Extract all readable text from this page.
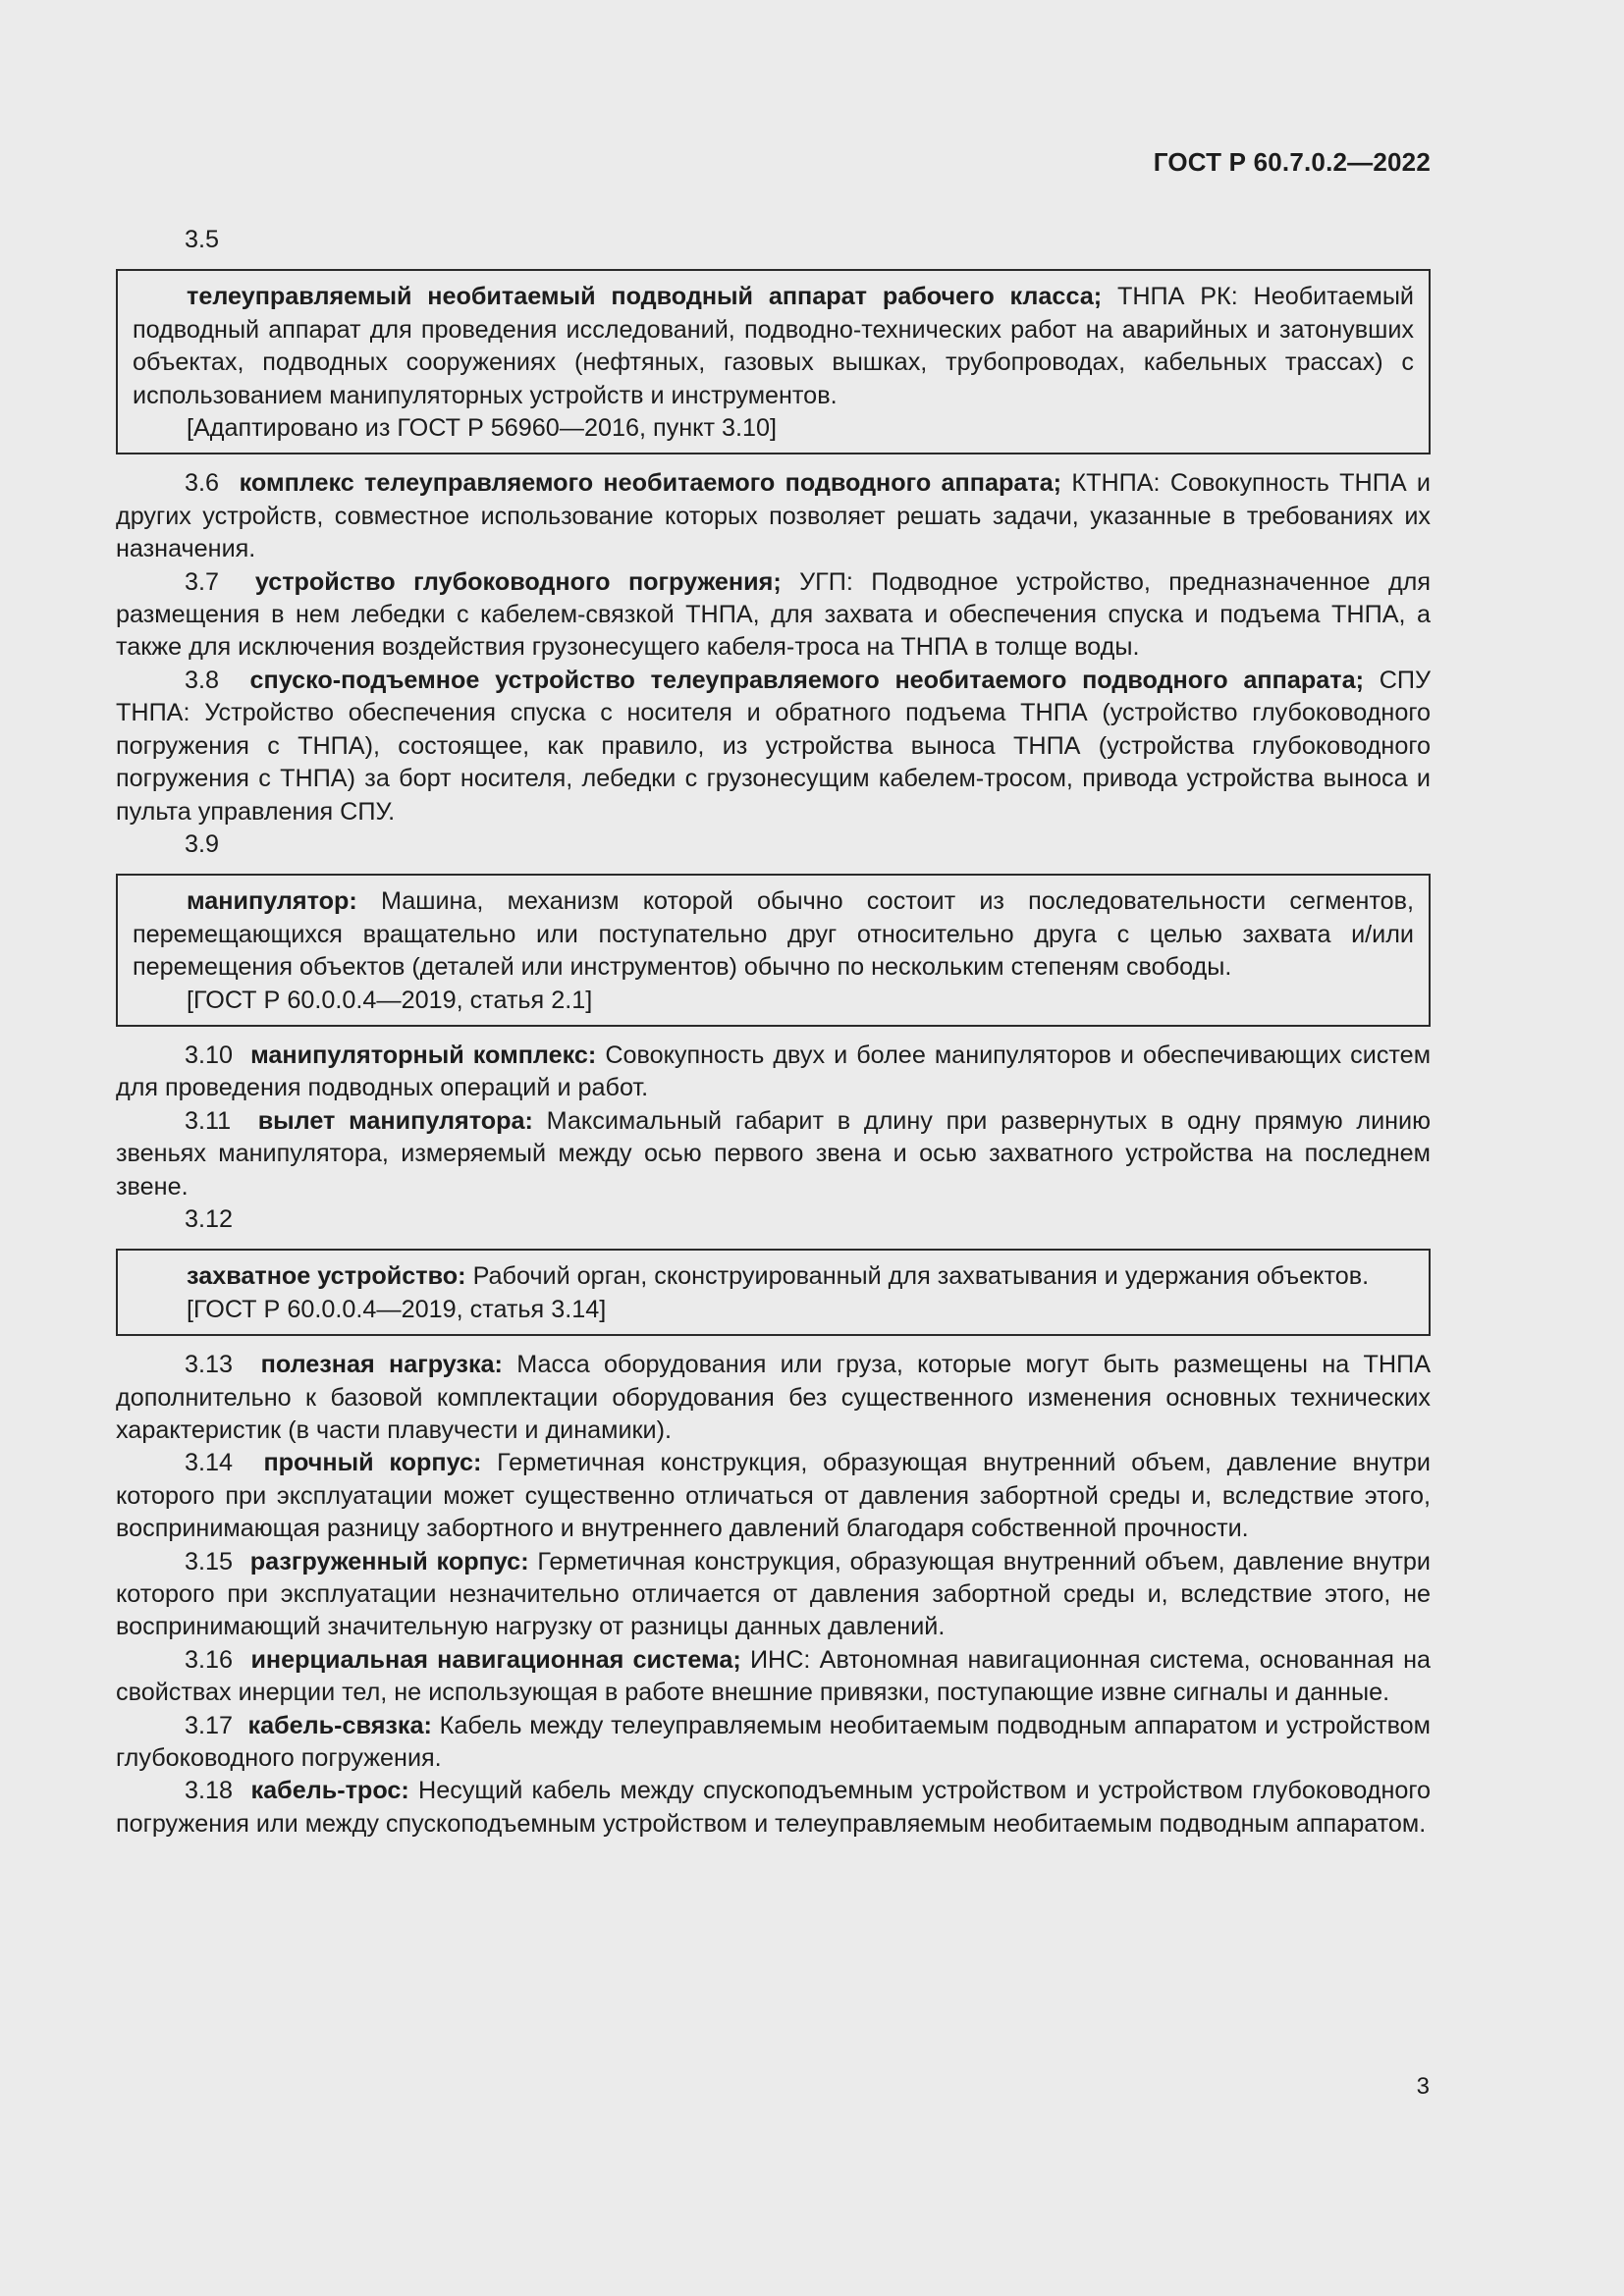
ГОСТ Р 60.7.0.2—2022

3.5

телеуправляемый необитаемый подводный аппарат рабочего класса; ТНПА РК: Необитаемый подводный аппарат для проведения исследований, подводно-технических работ на аварийных и затонувших объектах, подводных сооружениях (нефтяных, газовых вышках, трубопроводах, кабельных трассах) с использованием манипуляторных устройств и инструментов.

[Адаптировано из ГОСТ Р 56960—2016, пункт 3.10]

3.6 комплекс телеуправляемого необитаемого подводного аппарата; КТНПА: Совокупность ТНПА и других устройств, совместное использование которых позволяет решать задачи, указанные в требованиях их назначения.

3.7 устройство глубоководного погружения; УГП: Подводное устройство, предназначенное для размещения в нем лебедки с кабелем-связкой ТНПА, для захвата и обеспечения спуска и подъема ТНПА, а также для исключения воздействия грузонесущего кабеля-троса на ТНПА в толще воды.

3.8 спуско-подъемное устройство телеуправляемого необитаемого подводного аппарата; СПУ ТНПА: Устройство обеспечения спуска с носителя и обратного подъема ТНПА (устройство глубоководного погружения с ТНПА), состоящее, как правило, из устройства выноса ТНПА (устройства глубоководного погружения с ТНПА) за борт носителя, лебедки с грузонесущим кабелем-тросом, привода устройства выноса и пульта управления СПУ.

3.9

манипулятор: Машина, механизм которой обычно состоит из последовательности сегментов, перемещающихся вращательно или поступательно друг относительно друга с целью захвата и/или перемещения объектов (деталей или инструментов) обычно по нескольким степеням свободы.

[ГОСТ Р 60.0.0.4—2019, статья 2.1]

3.10 манипуляторный комплекс: Совокупность двух и более манипуляторов и обеспечивающих систем для проведения подводных операций и работ.

3.11 вылет манипулятора: Максимальный габарит в длину при развернутых в одну прямую линию звеньях манипулятора, измеряемый между осью первого звена и осью захватного устройства на последнем звене.

3.12

захватное устройство: Рабочий орган, сконструированный для захватывания и удержания объектов.

[ГОСТ Р 60.0.0.4—2019, статья 3.14]

3.13 полезная нагрузка: Масса оборудования или груза, которые могут быть размещены на ТНПА дополнительно к базовой комплектации оборудования без существенного изменения основных технических характеристик (в части плавучести и динамики).

3.14 прочный корпус: Герметичная конструкция, образующая внутренний объем, давление внутри которого при эксплуатации может существенно отличаться от давления забортной среды и, вследствие этого, воспринимающая разницу забортного и внутреннего давлений благодаря собственной прочности.

3.15 разгруженный корпус: Герметичная конструкция, образующая внутренний объем, давление внутри которого при эксплуатации незначительно отличается от давления забортной среды и, вследствие этого, не воспринимающий значительную нагрузку от разницы данных давлений.

3.16 инерциальная навигационная система; ИНС: Автономная навигационная система, основанная на свойствах инерции тел, не использующая в работе внешние привязки, поступающие извне сигналы и данные.

3.17 кабель-связка: Кабель между телеуправляемым необитаемым подводным аппаратом и устройством глубоководного погружения.

3.18 кабель-трос: Несущий кабель между спускоподъемным устройством и устройством глубоководного погружения или между спускоподъемным устройством и телеуправляемым необитаемым подводным аппаратом.

3
